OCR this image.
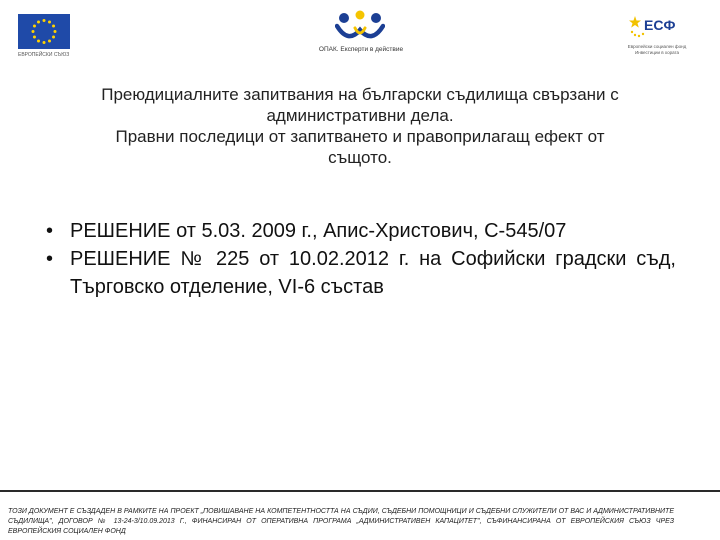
ЕВРОПЕЙСКИ СЪЮЗ
ОПАК. Експерти в действие
ЕСФ
Европейски социален фонд Инвестиции в хората
Преюдициалните запитвания на български съдилища свързани с
административни дела.
Правни последици от запитването и правоприлагащ ефект от
същото.
• РЕШЕНИЕ от 5.03. 2009 г., Апис-Христович, С-545/07
• РЕШЕНИЕ № 225 от 10.02.2012 г. на Софийски градски съд, Търговско отделение, VI-6 състав
ТОЗИ ДОКУМЕНТ Е СЪЗДАДЕН В РАМКИТЕ НА ПРОЕКТ „ПОВИШАВАНЕ НА КОМПЕТЕНТНОСТТА НА СЪДИИ, СЪДЕБНИ ПОМОЩНИЦИ И СЪДЕБНИ СЛУЖИТЕЛИ ОТ ВАС И АДМИНИСТРАТИВНИТЕ СЪДИЛИЩА", ДОГОВОР № 13-24-3/10.09.2013 Г., ФИНАНСИРАН ОТ ОПЕРАТИВНА ПРОГРАМА „АДМИНИСТРАТИВЕН КАПАЦИТЕТ", СЪФИНАНСИРАНА ОТ ЕВРОПЕЙСКИЯ СЪЮЗ ЧРЕЗ ЕВРОПЕЙСКИЯ СОЦИАЛЕН ФОНД
